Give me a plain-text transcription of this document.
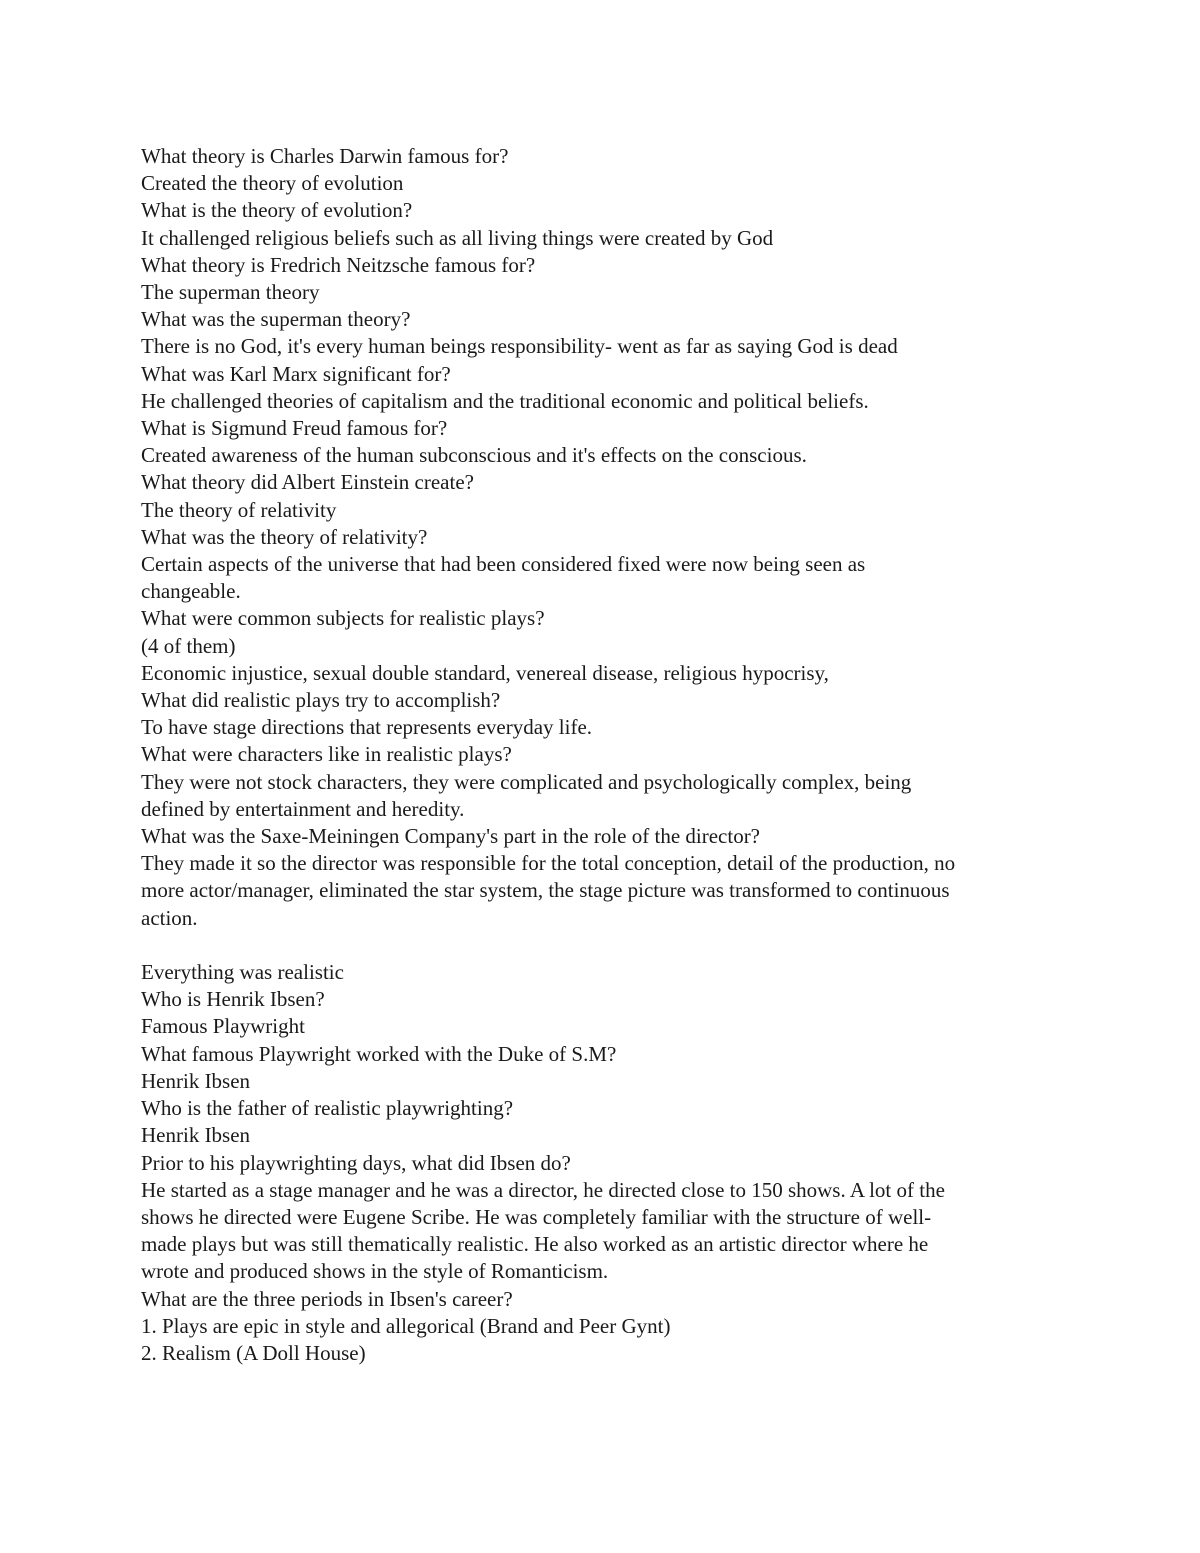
What theory is Charles Darwin famous for?
Created the theory of evolution
What is the theory of evolution?
It challenged religious beliefs such as all living things were created by God
What theory is Fredrich Neitzsche famous for?
The superman theory
What was the superman theory?
There is no God, it's every human beings responsibility- went as far as saying God is dead
What was Karl Marx significant for?
He challenged theories of capitalism and the traditional economic and political beliefs.
What is Sigmund Freud famous for?
Created awareness of the human subconscious and it's effects on the conscious.
What theory did Albert Einstein create?
The theory of relativity
What was the theory of relativity?
Certain aspects of the universe that had been considered fixed were now being seen as
changeable.
What were common subjects for realistic plays?
(4 of them)
Economic injustice, sexual double standard, venereal disease, religious hypocrisy,
What did realistic plays try to accomplish?
To have stage directions that represents everyday life.
What were characters like in realistic plays?
They were not stock characters, they were complicated and psychologically complex, being
defined by entertainment and heredity.
What was the Saxe-Meiningen Company's part in the role of the director?
They made it so the director was responsible for the total conception, detail of the production, no
more actor/manager, eliminated the star system, the stage picture was transformed to continuous
action.
Everything was realistic
Who is Henrik Ibsen?
Famous Playwright
What famous Playwright worked with the Duke of S.M?
Henrik Ibsen
Who is the father of realistic playwrighting?
Henrik Ibsen
Prior to his playwrighting days, what did Ibsen do?
He started as a stage manager and he was a director, he directed close to 150 shows. A lot of the
shows he directed were Eugene Scribe. He was completely familiar with the structure of well-
made plays but was still thematically realistic. He also worked as an artistic director where he
wrote and produced shows in the style of Romanticism.
What are the three periods in Ibsen's career?
1. Plays are epic in style and allegorical (Brand and Peer Gynt)
2. Realism (A Doll House)
